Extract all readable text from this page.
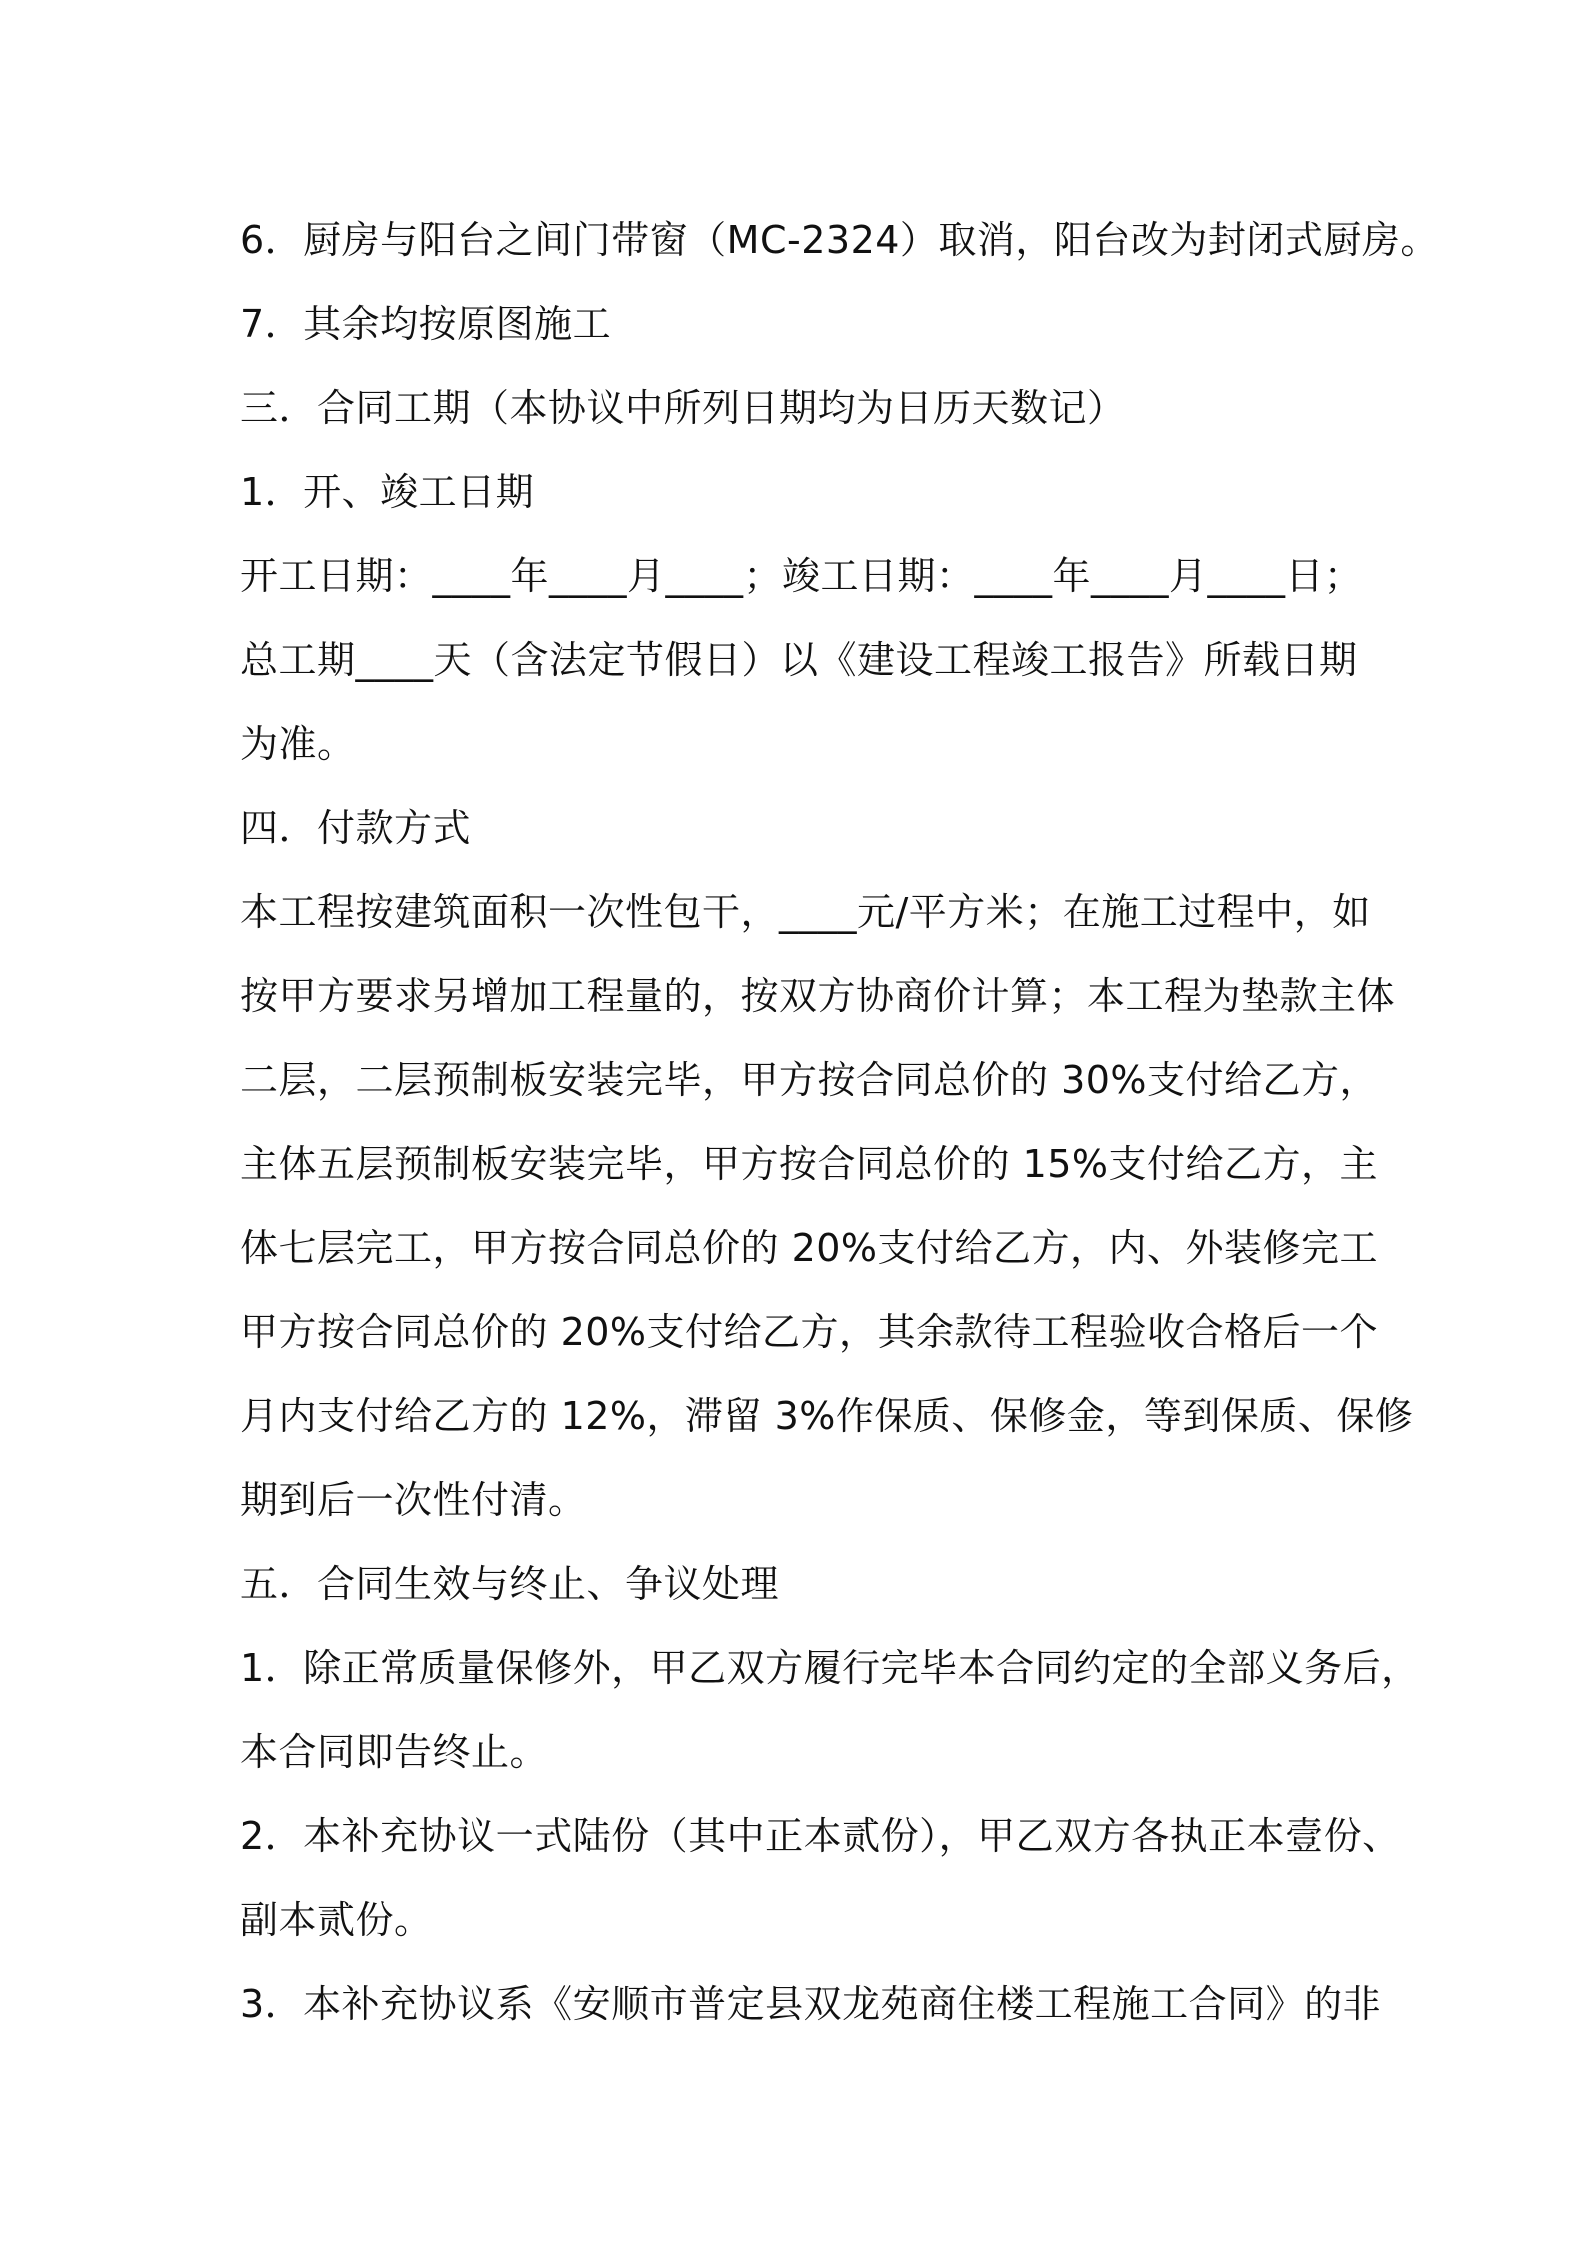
6．厨房与阳台之间门带窗（MC-2324）取消，阳台改为封闭式厨房。
7．其余均按原图施工
三．合同工期（本协议中所列日期均为日历天数记）
1．开、竣工日期
开工日期：____年____月____；竣工日期：____年____月____日；
总工期____天（含法定节假日）以《建设工程竣工报告》所载日期
为准。
四．付款方式
本工程按建筑面积一次性包干，____元/平方米；在施工过程中，如
按甲方要求另增加工程量的，按双方协商价计算；本工程为垫款主体
二层，二层预制板安装完毕，甲方按合同总价的 30%支付给乙方，
主体五层预制板安装完毕，甲方按合同总价的 15%支付给乙方，主
体七层完工，甲方按合同总价的 20%支付给乙方，内、外装修完工
甲方按合同总价的 20%支付给乙方，其余款待工程验收合格后一个
月内支付给乙方的 12%，滞留 3%作保质、保修金，等到保质、保修
期到后一次性付清。
五．合同生效与终止、争议处理
1．除正常质量保修外，甲乙双方履行完毕本合同约定的全部义务后，
本合同即告终止。
2．本补充协议一式陆份（其中正本贰份），甲乙双方各执正本壹份、
副本贰份。
3．本补充协议系《安顺市普定县双龙苑商住楼工程施工合同》的非
